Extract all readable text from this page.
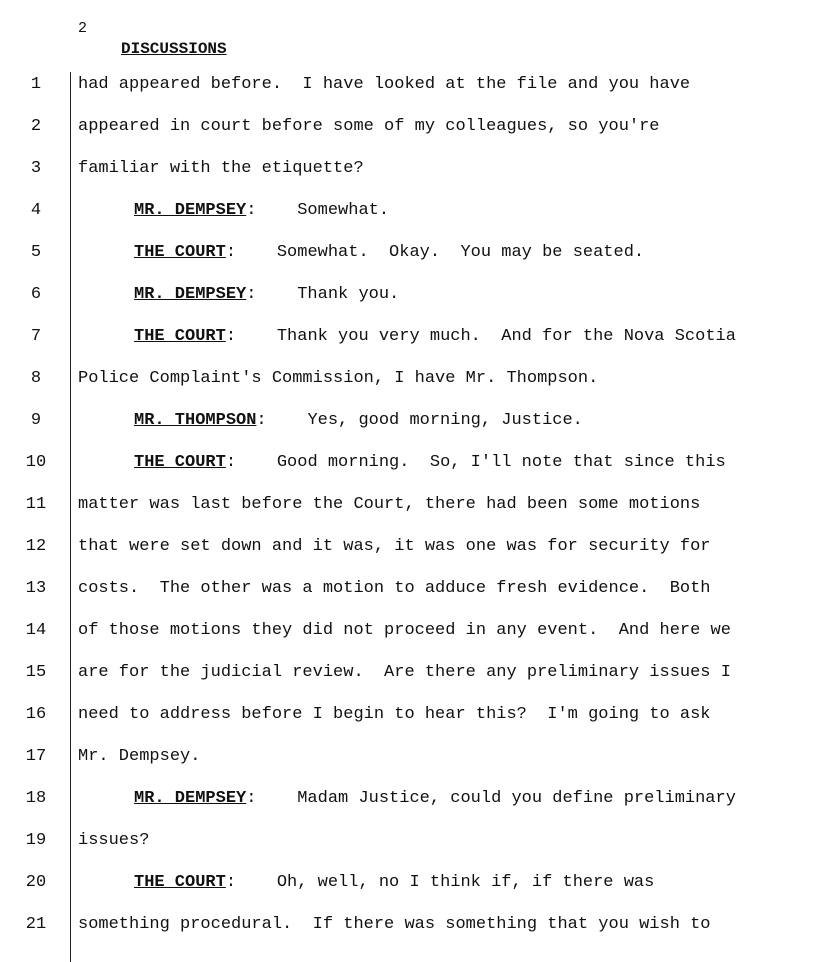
2
DISCUSSIONS
1	had appeared before.  I have looked at the file and you have
2	appeared in court before some of my colleagues, so you're
3	familiar with the etiquette?
4	MR. DEMPSEY:    Somewhat.
5	THE COURT:    Somewhat.  Okay.  You may be seated.
6	MR. DEMPSEY:    Thank you.
7	THE COURT:    Thank you very much.  And for the Nova Scotia
8	Police Complaint's Commission, I have Mr. Thompson.
9	MR. THOMPSON:    Yes, good morning, Justice.
10	THE COURT:    Good morning.  So, I'll note that since this
11 matter was last before the Court, there had been some motions
12 that were set down and it was, it was one was for security for
13 costs.  The other was a motion to adduce fresh evidence.  Both
14 of those motions they did not proceed in any event.  And here we
15 are for the judicial review.  Are there any preliminary issues I
16 need to address before I begin to hear this?  I'm going to ask
17 Mr. Dempsey.
18	MR. DEMPSEY:    Madam Justice, could you define preliminary
19 issues?
20	THE COURT:    Oh, well, no I think if, if there was
21 something procedural.  If there was something that you wish to
